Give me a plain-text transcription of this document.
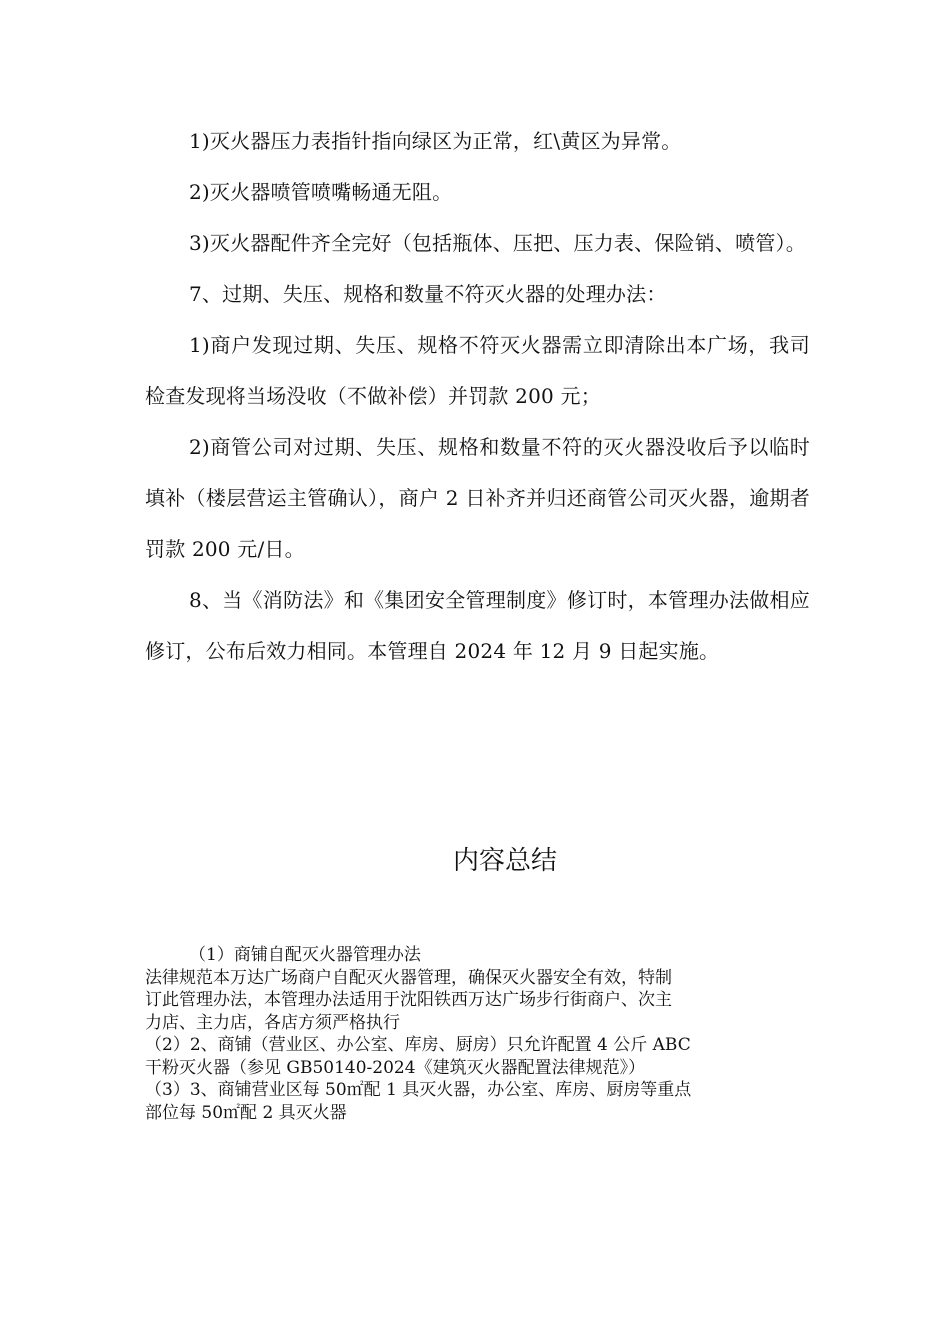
1)灭火器压力表指针指向绿区为正常，红\黄区为异常。

2)灭火器喷管喷嘴畅通无阻。

3)灭火器配件齐全完好（包括瓶体、压把、压力表、保险销、喷管）。

7、过期、失压、规格和数量不符灭火器的处理办法：

1)商户发现过期、失压、规格不符灭火器需立即清除出本广场，我司检查发现将当场没收（不做补偿）并罚款 200 元；

2)商管公司对过期、失压、规格和数量不符的灭火器没收后予以临时填补（楼层营运主管确认），商户 2 日补齐并归还商管公司灭火器，逾期者罚款 200 元/日。

8、当《消防法》和《集团安全管理制度》修订时，本管理办法做相应修订，公布后效力相同。本管理自 2024 年 12 月 9 日起实施。

内容总结

（1）商铺自配灭火器管理办法

法律规范本万达广场商户自配灭火器管理，确保灭火器安全有效，特制

订此管理办法，本管理办法适用于沈阳铁西万达广场步行街商户、次主

力店、主力店，各店方须严格执行

（2）2、商铺（营业区、办公室、库房、厨房）只允许配置 4 公斤 ABC

干粉灭火器（参见 GB50140-2024《建筑灭火器配置法律规范》）

（3）3、商铺营业区每 50㎡配 1 具灭火器，办公室、库房、厨房等重点

部位每 50㎡配 2 具灭火器
